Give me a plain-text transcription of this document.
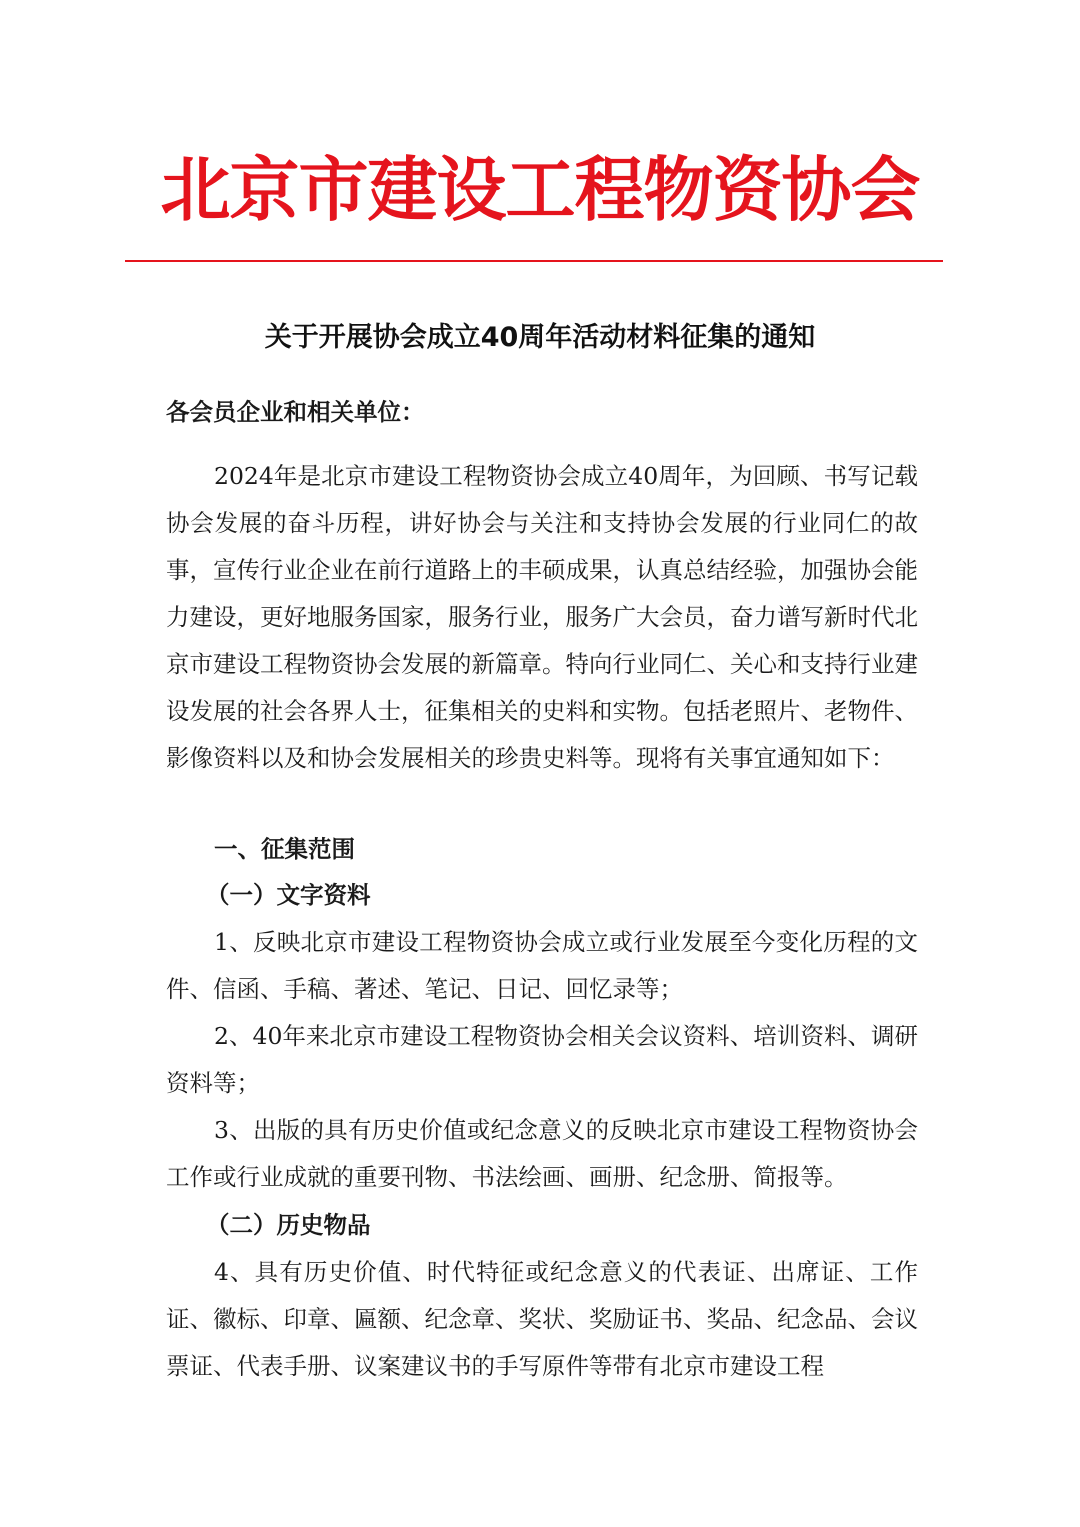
北京市建设工程物资协会
关于开展协会成立40周年活动材料征集的通知

各会员企业和相关单位：

2024年是北京市建设工程物资协会成立40周年，为回顾、书写记载协会发展的奋斗历程，讲好协会与关注和支持协会发展的行业同仁的故事，宣传行业企业在前行道路上的丰硕成果，认真总结经验，加强协会能力建设，更好地服务国家，服务行业，服务广大会员，奋力谱写新时代北京市建设工程物资协会发展的新篇章。特向行业同仁、关心和支持行业建设发展的社会各界人士，征集相关的史料和实物。包括老照片、老物件、影像资料以及和协会发展相关的珍贵史料等。现将有关事宜通知如下：

一、征集范围

（一）文字资料

1、反映北京市建设工程物资协会成立或行业发展至今变化历程的文件、信函、手稿、著述、笔记、日记、回忆录等；

2、40年来北京市建设工程物资协会相关会议资料、培训资料、调研资料等；

3、出版的具有历史价值或纪念意义的反映北京市建设工程物资协会工作或行业成就的重要刊物、书法绘画、画册、纪念册、简报等。

（二）历史物品

4、具有历史价值、时代特征或纪念意义的代表证、出席证、工作证、徽标、印章、匾额、纪念章、奖状、奖励证书、奖品、纪念品、会议票证、代表手册、议案建议书的手写原件等带有北京市建设工程
